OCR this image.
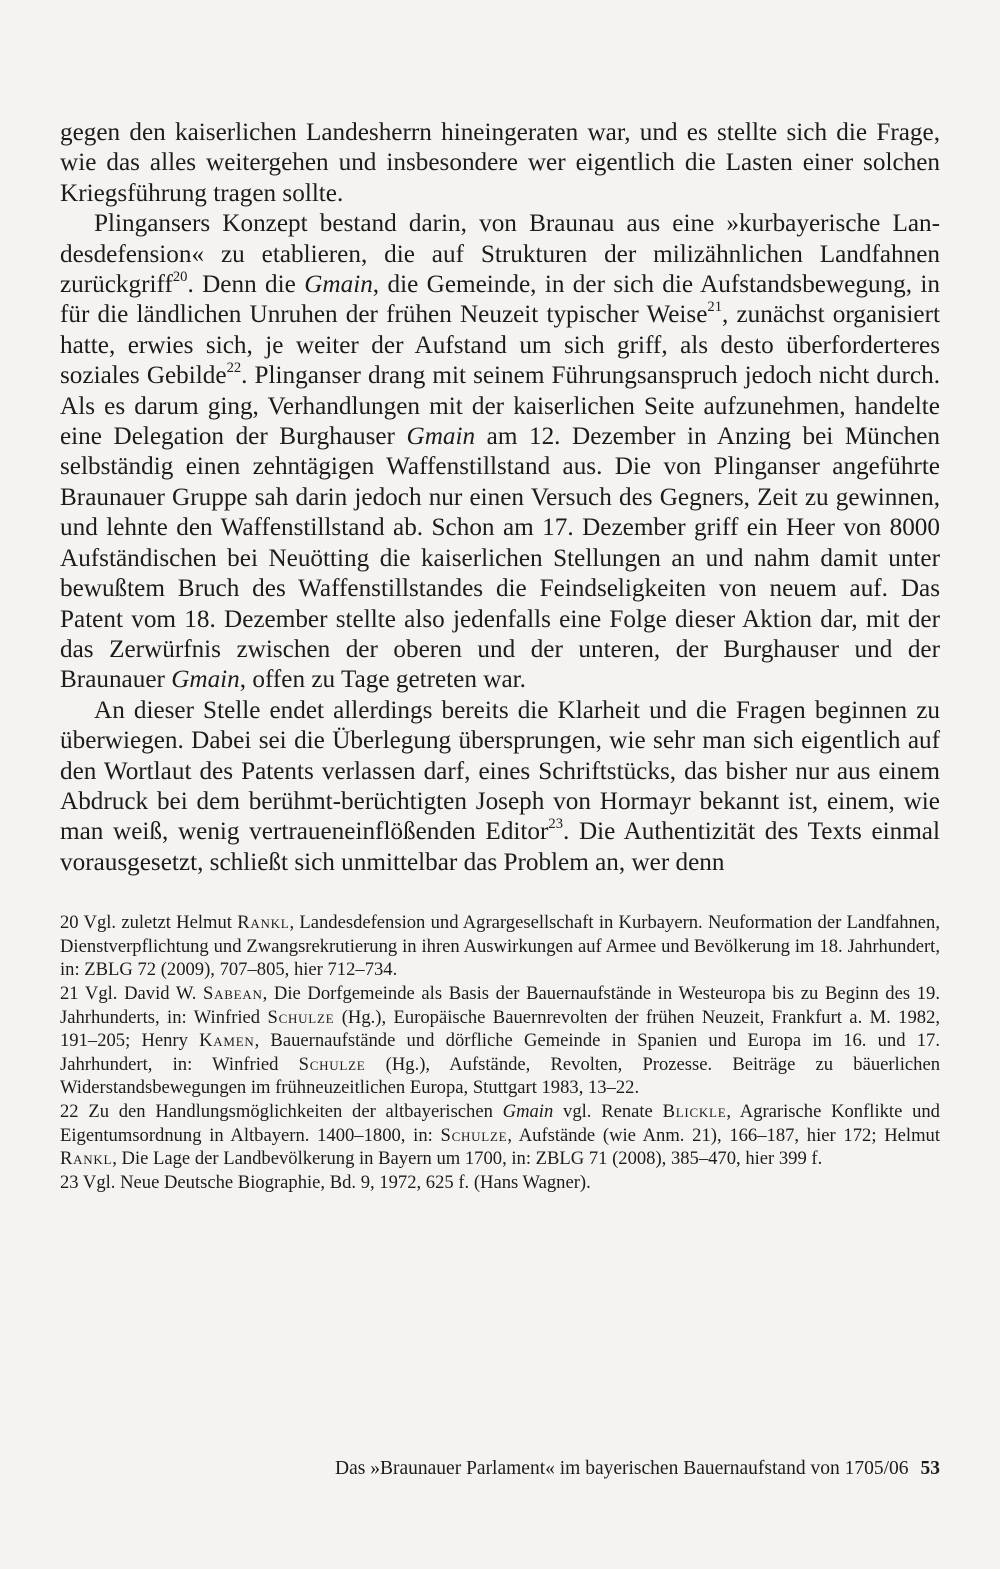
gegen den kaiserlichen Landesherrn hineingeraten war, und es stellte sich die Frage, wie das alles weitergehen und insbesondere wer eigentlich die Lasten einer solchen Kriegsführung tragen sollte.

Plingansers Konzept bestand darin, von Braunau aus eine »kurbayerische Landesdefension« zu etablieren, die auf Strukturen der milizähnlichen Landfahnen zurückgriff$^{20}$. Denn die Gmain, die Gemeinde, in der sich die Aufstandsbewegung, in für die ländlichen Unruhen der frühen Neuzeit typischer Weise$^{21}$, zunächst organisiert hatte, erwies sich, je weiter der Aufstand um sich griff, als desto überforderteres soziales Gebilde$^{22}$. Plinganser drang mit seinem Führungsanspruch jedoch nicht durch. Als es darum ging, Verhandlungen mit der kaiserlichen Seite aufzunehmen, handelte eine Delegation der Burghauser Gmain am 12. Dezember in Anzing bei München selbständig einen zehntägigen Waffenstillstand aus. Die von Plinganser angeführte Braunauer Gruppe sah darin jedoch nur einen Versuch des Gegners, Zeit zu gewinnen, und lehnte den Waffenstillstand ab. Schon am 17. Dezember griff ein Heer von 8000 Aufständischen bei Neuötting die kaiserlichen Stellungen an und nahm damit unter bewußtem Bruch des Waffenstillstandes die Feindseligkeiten von neuem auf. Das Patent vom 18. Dezember stellte also jedenfalls eine Folge dieser Aktion dar, mit der das Zerwürfnis zwischen der oberen und der unteren, der Burghauser und der Braunauer Gmain, offen zu Tage getreten war.

An dieser Stelle endet allerdings bereits die Klarheit und die Fragen beginnen zu überwiegen. Dabei sei die Überlegung übersprungen, wie sehr man sich eigentlich auf den Wortlaut des Patents verlassen darf, eines Schriftstücks, das bisher nur aus einem Abdruck bei dem berühmt-berüchtigten Joseph von Hormayr bekannt ist, einem, wie man weiß, wenig vertraueneinflößenden Editor$^{23}$. Die Authentizität des Texts einmal vorausgesetzt, schließt sich unmittelbar das Problem an, wer denn

20 Vgl. zuletzt Helmut Rankl, Landesdefension und Agrargesellschaft in Kurbayern. Neuformation der Landfahnen, Dienstverpflichtung und Zwangsrekrutierung in ihren Auswirkungen auf Armee und Bevölkerung im 18. Jahrhundert, in: ZBLG 72 (2009), 707–805, hier 712–734.

21 Vgl. David W. Sabean, Die Dorfgemeinde als Basis der Bauernaufstände in Westeuropa bis zu Beginn des 19. Jahrhunderts, in: Winfried Schulze (Hg.), Europäische Bauernrevolten der frühen Neuzeit, Frankfurt a. M. 1982, 191–205; Henry Kamen, Bauernaufstände und dörfliche Gemeinde in Spanien und Europa im 16. und 17. Jahrhundert, in: Winfried Schulze (Hg.), Aufstände, Revolten, Prozesse. Beiträge zu bäuerlichen Widerstandsbewegungen im frühneuzeitlichen Europa, Stuttgart 1983, 13–22.

22 Zu den Handlungsmöglichkeiten der altbayerischen Gmain vgl. Renate Blickle, Agrarische Konflikte und Eigentumsordnung in Altbayern. 1400–1800, in: Schulze, Aufstände (wie Anm. 21), 166–187, hier 172; Helmut Rankl, Die Lage der Landbevölkerung in Bayern um 1700, in: ZBLG 71 (2008), 385–470, hier 399 f.

23 Vgl. Neue Deutsche Biographie, Bd. 9, 1972, 625 f. (Hans Wagner).

Das »Braunauer Parlament« im bayerischen Bauernaufstand von 1705/06 53
